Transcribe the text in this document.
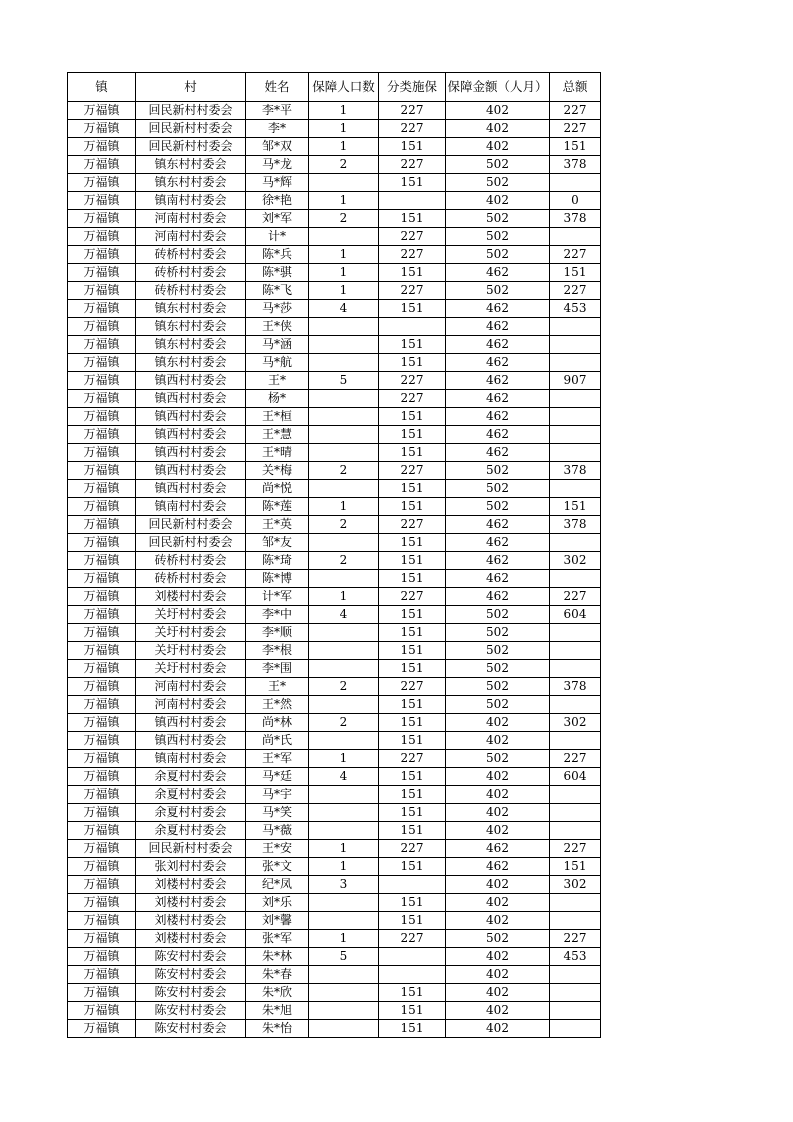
镇	村	姓名	保障人口数	分类施保	保障金额（人月）	总额
万福镇	回民新村村委会	李*平	1	227	402	227
万福镇	回民新村村委会	李*	1	227	402	227
万福镇	回民新村村委会	邹*双	1	151	402	151
万福镇	镇东村村委会	马*龙	2	227	502	378
万福镇	镇东村村委会	马*辉		151	502	
万福镇	镇南村村委会	徐*艳	1		402	0
万福镇	河南村村委会	刘*军	2	151	502	378
万福镇	河南村村委会	计*		227	502	
万福镇	砖桥村村委会	陈*兵	1	227	502	227
万福镇	砖桥村村委会	陈*骐	1	151	462	151
万福镇	砖桥村村委会	陈*飞	1	227	502	227
万福镇	镇东村村委会	马*莎	4	151	462	453
万福镇	镇东村村委会	王*侠			462	
万福镇	镇东村村委会	马*涵		151	462	
万福镇	镇东村村委会	马*航		151	462	
万福镇	镇西村村委会	王*	5	227	462	907
万福镇	镇西村村委会	杨*		227	462	
万福镇	镇西村村委会	王*桓		151	462	
万福镇	镇西村村委会	王*慧		151	462	
万福镇	镇西村村委会	王*晴		151	462	
万福镇	镇西村村委会	关*梅	2	227	502	378
万福镇	镇西村村委会	尚*悦		151	502	
万福镇	镇南村村委会	陈*莲	1	151	502	151
万福镇	回民新村村委会	王*英	2	227	462	378
万福镇	回民新村村委会	邹*友		151	462	
万福镇	砖桥村村委会	陈*琦	2	151	462	302
万福镇	砖桥村村委会	陈*博		151	462	
万福镇	刘楼村村委会	计*军	1	227	462	227
万福镇	关圩村村委会	李*中	4	151	502	604
万福镇	关圩村村委会	李*顺		151	502	
万福镇	关圩村村委会	李*根		151	502	
万福镇	关圩村村委会	李*围		151	502	
万福镇	河南村村委会	王*	2	227	502	378
万福镇	河南村村委会	王*然		151	502	
万福镇	镇西村村委会	尚*林	2	151	402	302
万福镇	镇西村村委会	尚*氏		151	402	
万福镇	镇南村村委会	王*军	1	227	502	227
万福镇	余夏村村委会	马*廷	4	151	402	604
万福镇	余夏村村委会	马*宇		151	402	
万福镇	余夏村村委会	马*笑		151	402	
万福镇	余夏村村委会	马*薇		151	402	
万福镇	回民新村村委会	王*安	1	227	462	227
万福镇	张刘村村委会	张*文	1	151	462	151
万福镇	刘楼村村委会	纪*凤	3		402	302
万福镇	刘楼村村委会	刘*乐		151	402	
万福镇	刘楼村村委会	刘*馨		151	402	
万福镇	刘楼村村委会	张*军	1	227	502	227
万福镇	陈安村村委会	朱*林	5		402	453
万福镇	陈安村村委会	朱*春			402	
万福镇	陈安村村委会	朱*欣		151	402	
万福镇	陈安村村委会	朱*旭		151	402	
万福镇	陈安村村委会	朱*怡		151	402	
